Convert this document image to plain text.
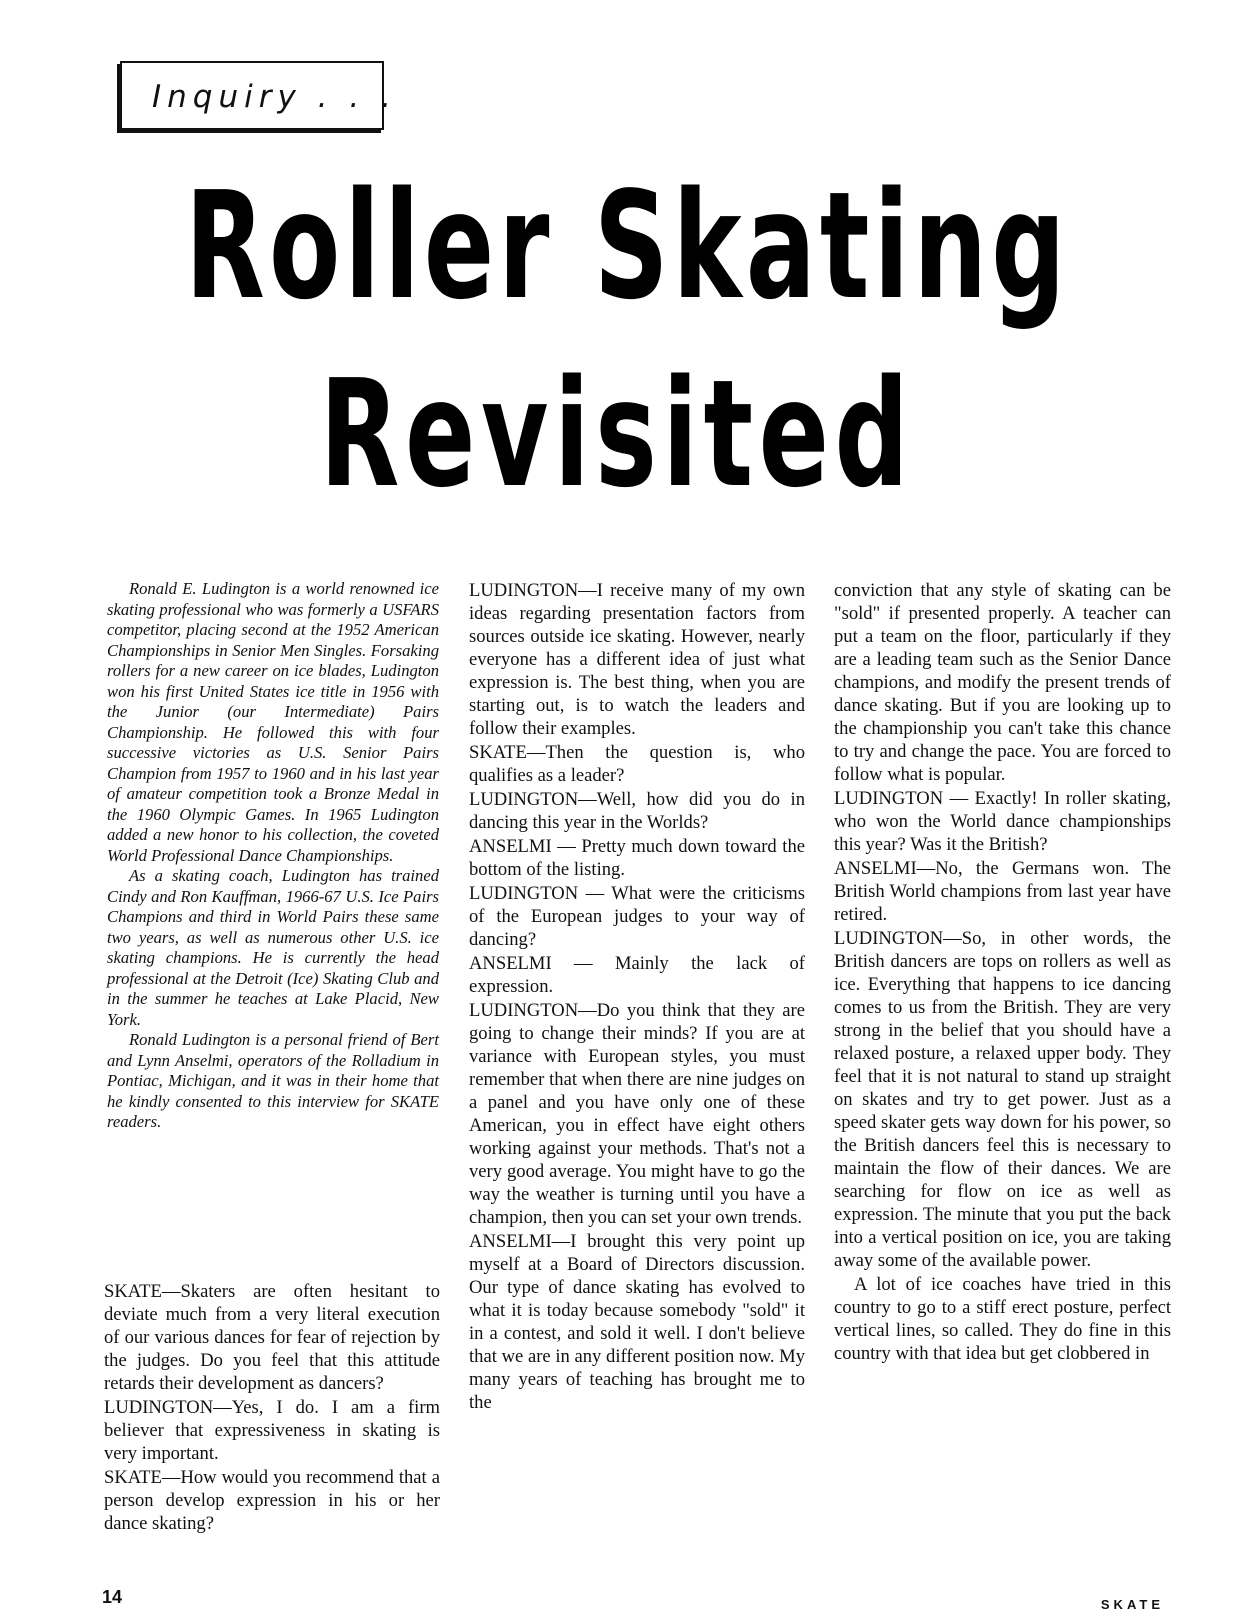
Inquiry . . .
Roller Skating
Revisited

Ronald E. Ludington is a world renowned ice skating professional who was formerly a USFARS competitor, placing second at the 1952 American Championships in Senior Men Singles. Forsaking rollers for a new career on ice blades, Ludington won his first United States ice title in 1956 with the Junior (our Intermediate) Pairs Championship. He followed this with four successive victories as U.S. Senior Pairs Champion from 1957 to 1960 and in his last year of amateur competition took a Bronze Medal in the 1960 Olympic Games. In 1965 Ludington added a new honor to his collection, the coveted World Professional Dance Championships.

As a skating coach, Ludington has trained Cindy and Ron Kauffman, 1966-67 U.S. Ice Pairs Champions and third in World Pairs these same two years, as well as numerous other U.S. ice skating champions. He is currently the head professional at the Detroit (Ice) Skating Club and in the summer he teaches at Lake Placid, New York.

Ronald Ludington is a personal friend of Bert and Lynn Anselmi, operators of the Rolladium in Pontiac, Michigan, and it was in their home that he kindly consented to this interview for SKATE readers.

SKATE—Skaters are often hesitant to deviate much from a very literal execution of our various dances for fear of rejection by the judges. Do you feel that this attitude retards their development as dancers?

LUDINGTON—Yes, I do. I am a firm believer that expressiveness in skating is very important.

SKATE—How would you recommend that a person develop expression in his or her dance skating?

LUDINGTON—I receive many of my own ideas regarding presentation factors from sources outside ice skating. However, nearly everyone has a different idea of just what expression is. The best thing, when you are starting out, is to watch the leaders and follow their examples.

SKATE—Then the question is, who qualifies as a leader?

LUDINGTON—Well, how did you do in dancing this year in the Worlds?

ANSELMI — Pretty much down toward the bottom of the listing.

LUDINGTON — What were the criticisms of the European judges to your way of dancing?

ANSELMI — Mainly the lack of expression.

LUDINGTON—Do you think that they are going to change their minds? If you are at variance with European styles, you must remember that when there are nine judges on a panel and you have only one of these American, you in effect have eight others working against your methods. That's not a very good average. You might have to go the way the weather is turning until you have a champion, then you can set your own trends.

ANSELMI—I brought this very point up myself at a Board of Directors discussion. Our type of dance skating has evolved to what it is today because somebody "sold" it in a contest, and sold it well. I don't believe that we are in any different position now. My many years of teaching has brought me to the

conviction that any style of skating can be "sold" if presented properly. A teacher can put a team on the floor, particularly if they are a leading team such as the Senior Dance champions, and modify the present trends of dance skating. But if you are looking up to the championship you can't take this chance to try and change the pace. You are forced to follow what is popular.

LUDINGTON — Exactly! In roller skating, who won the World dance championships this year? Was it the British?

ANSELMI—No, the Germans won. The British World champions from last year have retired.

LUDINGTON—So, in other words, the British dancers are tops on rollers as well as ice. Everything that happens to ice dancing comes to us from the British. They are very strong in the belief that you should have a relaxed posture, a relaxed upper body. They feel that it is not natural to stand up straight on skates and try to get power. Just as a speed skater gets way down for his power, so the British dancers feel this is necessary to maintain the flow of their dances. We are searching for flow on ice as well as expression. The minute that you put the back into a vertical position on ice, you are taking away some of the available power.

A lot of ice coaches have tried in this country to go to a stiff erect posture, perfect vertical lines, so called. They do fine in this country with that idea but get clobbered in

14	SKATE
